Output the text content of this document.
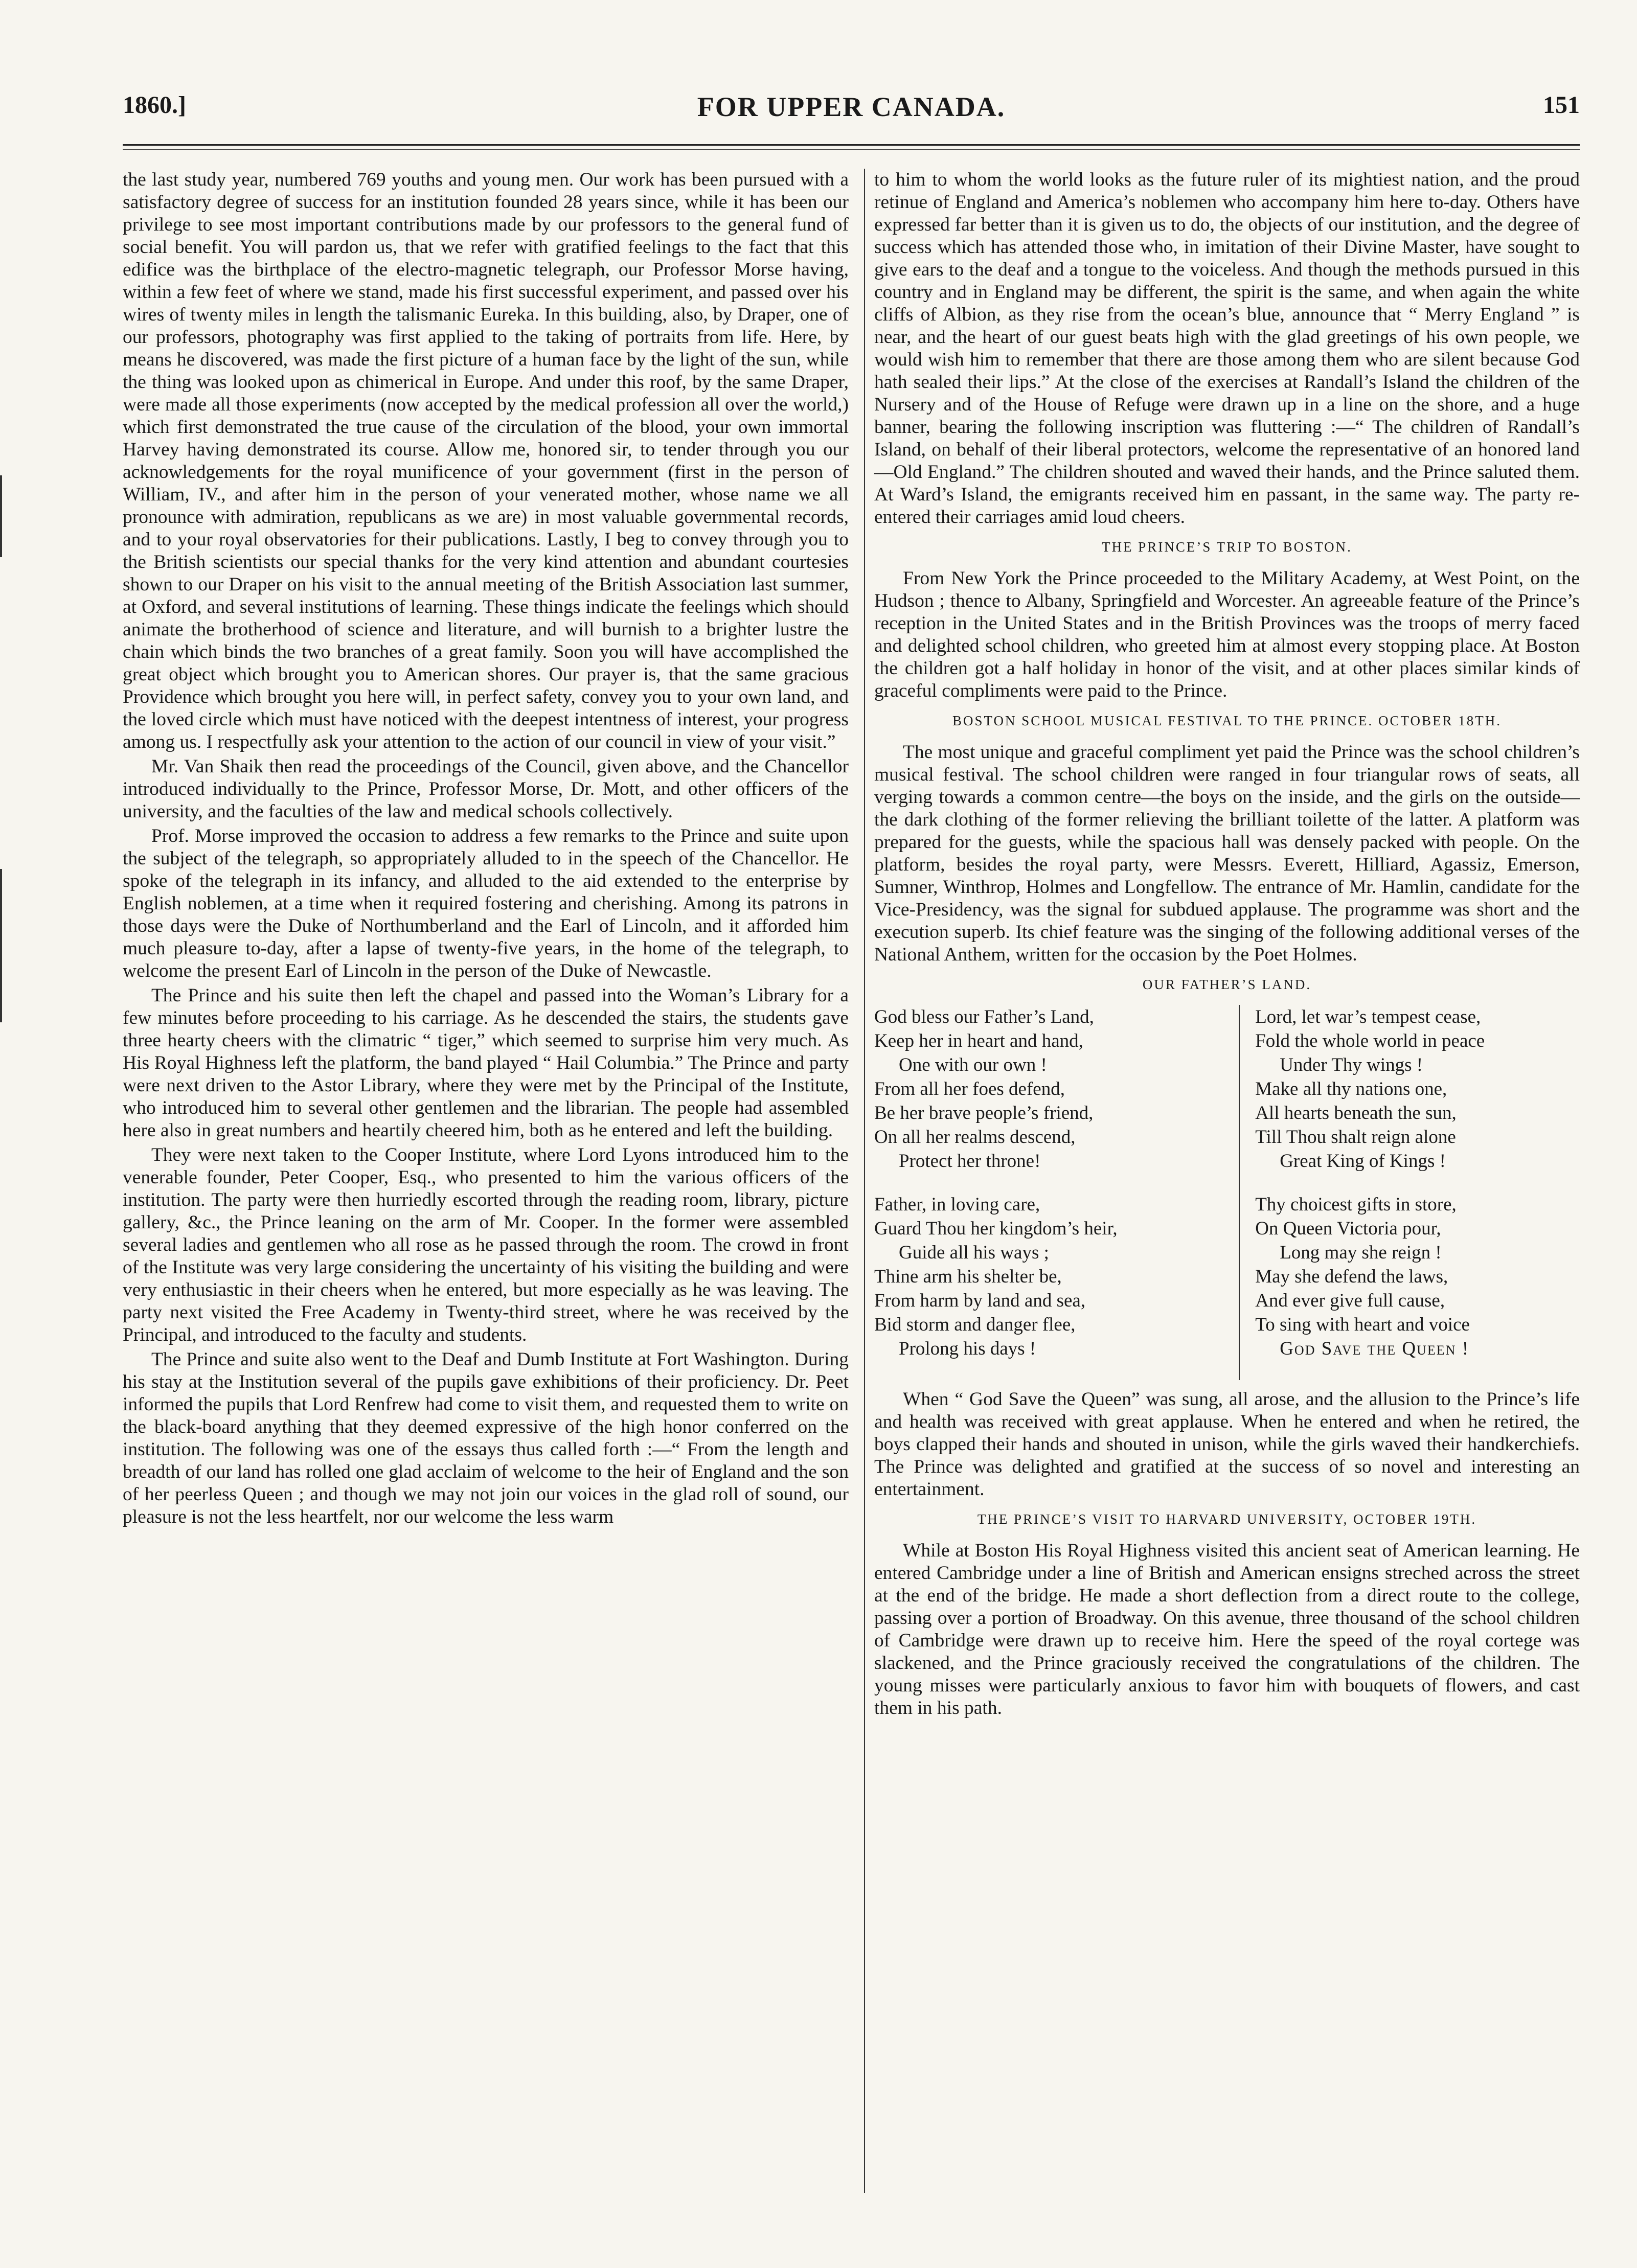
1860.]	FOR UPPER CANADA.	151

the last study year, numbered 769 youths and young men. Our work has been pursued with a satisfactory degree of success for an institution founded 28 years since, while it has been our privilege to see most important contributions made by our professors to the general fund of social benefit. You will pardon us, that we refer with gratified feelings to the fact that this edifice was the birthplace of the electro-magnetic telegraph, our Professor Morse having, within a few feet of where we stand, made his first successful experiment, and passed over his wires of twenty miles in length the talismanic Eureka. In this building, also, by Draper, one of our professors, photography was first applied to the taking of portraits from life. Here, by means he discovered, was made the first picture of a human face by the light of the sun, while the thing was looked upon as chimerical in Europe. And under this roof, by the same Draper, were made all those experiments (now accepted by the medical profession all over the world,) which first demonstrated the true cause of the circulation of the blood, your own immortal Harvey having demonstrated its course. Allow me, honored sir, to tender through you our acknowledgements for the royal munificence of your government (first in the person of William, IV., and after him in the person of your venerated mother, whose name we all pronounce with admiration, republicans as we are) in most valuable governmental records, and to your royal observatories for their publications. Lastly, I beg to convey through you to the British scientists our special thanks for the very kind attention and abundant courtesies shown to our Draper on his visit to the annual meeting of the British Association last summer, at Oxford, and several institutions of learning. These things indicate the feelings which should animate the brotherhood of science and literature, and will burnish to a brighter lustre the chain which binds the two branches of a great family. Soon you will have accomplished the great object which brought you to American shores. Our prayer is, that the same gracious Providence which brought you here will, in perfect safety, convey you to your own land, and the loved circle which must have noticed with the deepest intentness of interest, your progress among us. I respectfully ask your attention to the action of our council in view of your visit.”

Mr. Van Shaik then read the proceedings of the Council, given above, and the Chancellor introduced individually to the Prince, Professor Morse, Dr. Mott, and other officers of the university, and the faculties of the law and medical schools collectively.

Prof. Morse improved the occasion to address a few remarks to the Prince and suite upon the subject of the telegraph, so appropriately alluded to in the speech of the Chancellor. He spoke of the telegraph in its infancy, and alluded to the aid extended to the enterprise by English noblemen, at a time when it required fostering and cherishing. Among its patrons in those days were the Duke of Northumberland and the Earl of Lincoln, and it afforded him much pleasure to-day, after a lapse of twenty-five years, in the home of the telegraph, to welcome the present Earl of Lincoln in the person of the Duke of Newcastle.

The Prince and his suite then left the chapel and passed into the Woman’s Library for a few minutes before proceeding to his carriage. As he descended the stairs, the students gave three hearty cheers with the climatric “ tiger,” which seemed to surprise him very much. As His Royal Highness left the platform, the band played “ Hail Columbia.” The Prince and party were next driven to the Astor Library, where they were met by the Principal of the Institute, who introduced him to several other gentlemen and the librarian. The people had assembled here also in great numbers and heartily cheered him, both as he entered and left the building.

They were next taken to the Cooper Institute, where Lord Lyons introduced him to the venerable founder, Peter Cooper, Esq., who presented to him the various officers of the institution. The party were then hurriedly escorted through the reading room, library, picture gallery, &c., the Prince leaning on the arm of Mr. Cooper. In the former were assembled several ladies and gentlemen who all rose as he passed through the room. The crowd in front of the Institute was very large considering the uncertainty of his visiting the building and were very enthusiastic in their cheers when he entered, but more especially as he was leaving. The party next visited the Free Academy in Twenty-third street, where he was received by the Principal, and introduced to the faculty and students.

The Prince and suite also went to the Deaf and Dumb Institute at Fort Washington. During his stay at the Institution several of the pupils gave exhibitions of their proficiency. Dr. Peet informed the pupils that Lord Renfrew had come to visit them, and requested them to write on the black-board anything that they deemed expressive of the high honor conferred on the institution. The following was one of the essays thus called forth :—“ From the length and breadth of our land has rolled one glad acclaim of welcome to the heir of England and the son of her peerless Queen ; and though we may not join our voices in the glad roll of sound, our pleasure is not the less heartfelt, nor our welcome the less warm

to him to whom the world looks as the future ruler of its mightiest nation, and the proud retinue of England and America’s noblemen who accompany him here to-day. Others have expressed far better than it is given us to do, the objects of our institution, and the degree of success which has attended those who, in imitation of their Divine Master, have sought to give ears to the deaf and a tongue to the voiceless. And though the methods pursued in this country and in England may be different, the spirit is the same, and when again the white cliffs of Albion, as they rise from the ocean’s blue, announce that “ Merry England ” is near, and the heart of our guest beats high with the glad greetings of his own people, we would wish him to remember that there are those among them who are silent because God hath sealed their lips.” At the close of the exercises at Randall’s Island the children of the Nursery and of the House of Refuge were drawn up in a line on the shore, and a huge banner, bearing the following inscription was fluttering :—“ The children of Randall’s Island, on behalf of their liberal protectors, welcome the representative of an honored land—Old England.” The children shouted and waved their hands, and the Prince saluted them. At Ward’s Island, the emigrants received him en passant, in the same way. The party re-entered their carriages amid loud cheers.

THE PRINCE’S TRIP TO BOSTON.

From New York the Prince proceeded to the Military Academy, at West Point, on the Hudson ; thence to Albany, Springfield and Worcester. An agreeable feature of the Prince’s reception in the United States and in the British Provinces was the troops of merry faced and delighted school children, who greeted him at almost every stopping place. At Boston the children got a half holiday in honor of the visit, and at other places similar kinds of graceful compliments were paid to the Prince.

BOSTON SCHOOL MUSICAL FESTIVAL TO THE PRINCE. OCTOBER 18TH.

The most unique and graceful compliment yet paid the Prince was the school children’s musical festival. The school children were ranged in four triangular rows of seats, all verging towards a common centre—the boys on the inside, and the girls on the outside—the dark clothing of the former relieving the brilliant toilette of the latter. A platform was prepared for the guests, while the spacious hall was densely packed with people. On the platform, besides the royal party, were Messrs. Everett, Hilliard, Agassiz, Emerson, Sumner, Winthrop, Holmes and Longfellow. The entrance of Mr. Hamlin, candidate for the Vice-Presidency, was the signal for subdued applause. The programme was short and the execution superb. Its chief feature was the singing of the following additional verses of the National Anthem, written for the occasion by the Poet Holmes.

OUR FATHER’S LAND.
God bless our Father’s Land,
Keep her in heart and hand,
One with our own !
From all her foes defend,
Be her brave people’s friend,
On all her realms descend,
Protect her throne!
Father, in loving care,
Guard Thou her kingdom’s heir,
Guide all his ways ;
Thine arm his shelter be,
From harm by land and sea,
Bid storm and danger flee,
Prolong his days !
Lord, let war’s tempest cease,
Fold the whole world in peace
Under Thy wings !
Make all thy nations one,
All hearts beneath the sun,
Till Thou shalt reign alone
Great King of Kings !
Thy choicest gifts in store,
On Queen Victoria pour,
Long may she reign !
May she defend the laws,
And ever give full cause,
To sing with heart and voice
God Save the Queen !

When “ God Save the Queen” was sung, all arose, and the allusion to the Prince’s life and health was received with great applause. When he entered and when he retired, the boys clapped their hands and shouted in unison, while the girls waved their handkerchiefs. The Prince was delighted and gratified at the success of so novel and interesting an entertainment.

THE PRINCE’S VISIT TO HARVARD UNIVERSITY, OCTOBER 19TH.

While at Boston His Royal Highness visited this ancient seat of American learning. He entered Cambridge under a line of British and American ensigns streched across the street at the end of the bridge. He made a short deflection from a direct route to the college, passing over a portion of Broadway. On this avenue, three thousand of the school children of Cambridge were drawn up to receive him. Here the speed of the royal cortege was slackened, and the Prince graciously received the congratulations of the children. The young misses were particularly anxious to favor him with bouquets of flowers, and cast them in his path.
